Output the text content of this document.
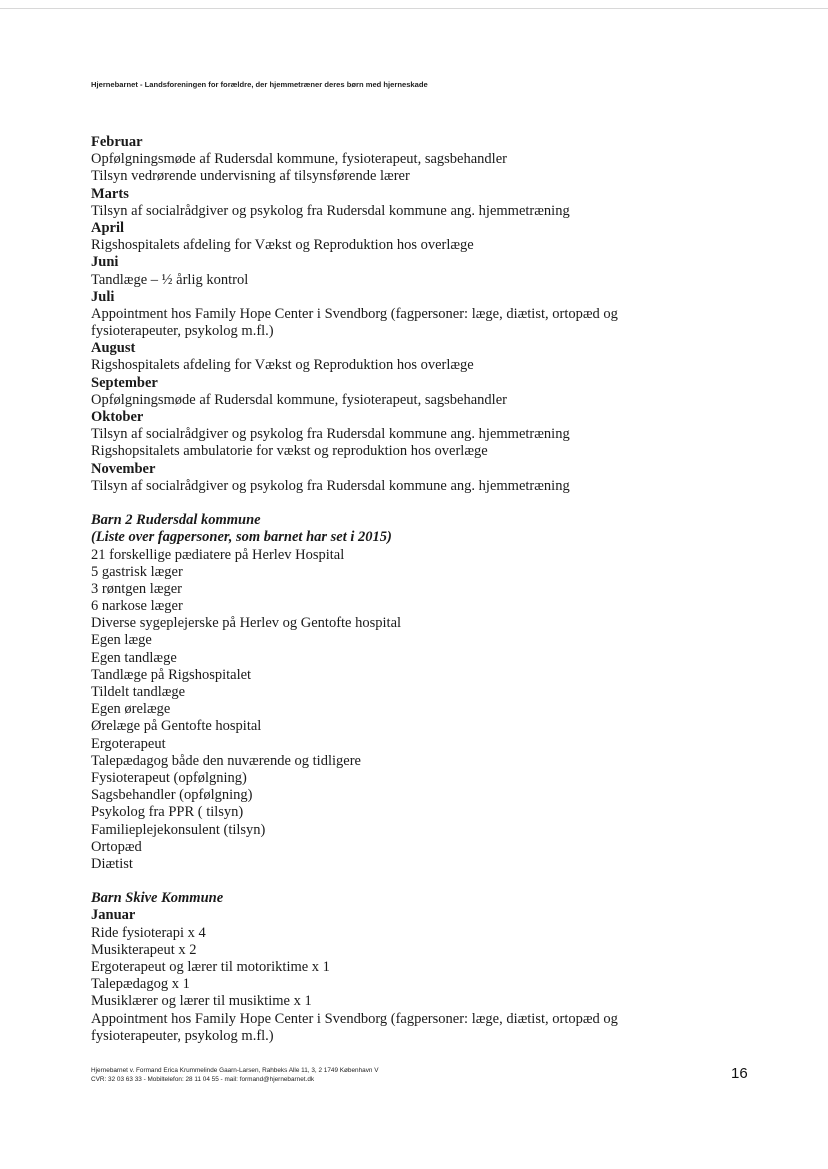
Hjernebarnet - Landsforeningen for forældre, der hjemmetræner deres børn med hjerneskade
Februar
Opfølgningsmøde af Rudersdal kommune, fysioterapeut, sagsbehandler
Tilsyn vedrørende undervisning af tilsynsførende lærer
Marts
Tilsyn af socialrådgiver og psykolog fra Rudersdal kommune ang. hjemmetræning
April
Rigshospitalets afdeling for Vækst og Reproduktion hos overlæge
Juni
Tandlæge – ½ årlig kontrol
Juli
Appointment hos Family Hope Center i Svendborg (fagpersoner: læge, diætist, ortopæd og
fysioterapeuter, psykolog m.fl.)
August
Rigshospitalets afdeling for Vækst og Reproduktion hos overlæge
September
Opfølgningsmøde af Rudersdal kommune, fysioterapeut, sagsbehandler
Oktober
Tilsyn af socialrådgiver og psykolog fra Rudersdal kommune ang. hjemmetræning
Rigshopsitalets ambulatorie for vækst og reproduktion hos overlæge
November
Tilsyn af socialrådgiver og psykolog fra Rudersdal kommune ang. hjemmetræning
Barn 2 Rudersdal kommune
(Liste over fagpersoner, som barnet har set i 2015)
21 forskellige pædiatere på Herlev Hospital
5 gastrisk læger
3 røntgen læger
6 narkose læger
Diverse sygeplejerske på Herlev og Gentofte hospital
Egen læge
Egen tandlæge
Tandlæge på Rigshospitalet
Tildelt tandlæge
Egen ørelæge
Ørelæge på Gentofte hospital
Ergoterapeut
Talepædagog både den nuværende og tidligere
Fysioterapeut (opfølgning)
Sagsbehandler (opfølgning)
Psykolog fra PPR ( tilsyn)
Familieplejekonsulent (tilsyn)
Ortopæd
Diætist
Barn Skive Kommune
Januar
Ride fysioterapi x 4
Musikterapeut x 2
Ergoterapeut og lærer til motoriktime x 1
Talepædagog x 1
Musiklærer og lærer til musiktime x 1
Appointment hos Family Hope Center i Svendborg (fagpersoner: læge, diætist, ortopæd og
fysioterapeuter, psykolog m.fl.)
Hjernebarnet v. Formand Erica Krummelinde Gaarn-Larsen, Rahbeks Alle 11, 3, 2 1749 København V
CVR: 32 03 63 33 - Mobiltelefon: 28 11 04 55 - mail: formand@hjernebarnet.dk	16
